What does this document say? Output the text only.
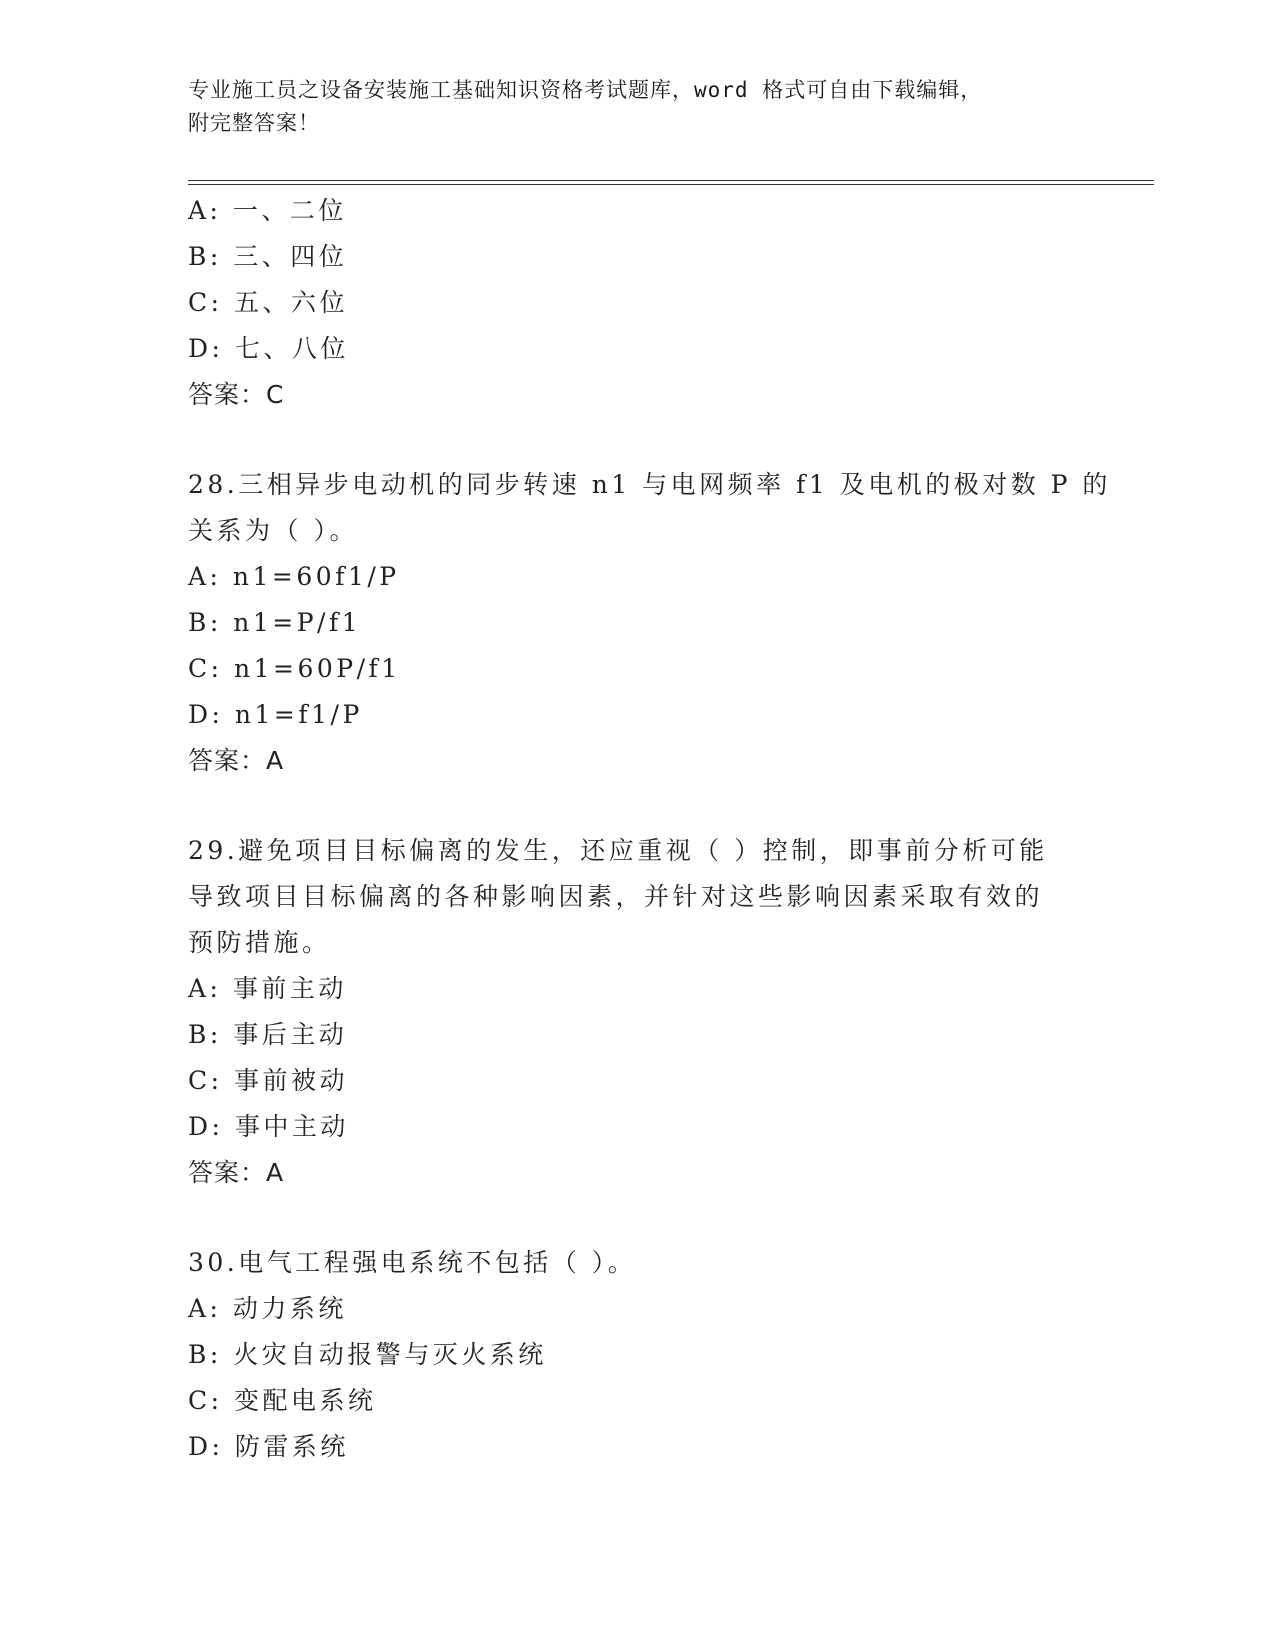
专业施工员之设备安装施工基础知识资格考试题库，word 格式可自由下载编辑，
附完整答案！
A: 一、二位
B: 三、四位
C: 五、六位
D: 七、八位
答案：C
28.三相异步电动机的同步转速 n1 与电网频率 f1 及电机的极对数 P 的
关系为（ ）。
A: n1=60f1/P
B: n1=P/f1
C: n1=60P/f1
D: n1=f1/P
答案：A
29.避免项目目标偏离的发生，还应重视（ ）控制，即事前分析可能
导致项目目标偏离的各种影响因素，并针对这些影响因素采取有效的
预防措施。
A: 事前主动
B: 事后主动
C: 事前被动
D: 事中主动
答案：A
30.电气工程强电系统不包括（ ）。
A: 动力系统
B: 火灾自动报警与灭火系统
C: 变配电系统
D: 防雷系统
